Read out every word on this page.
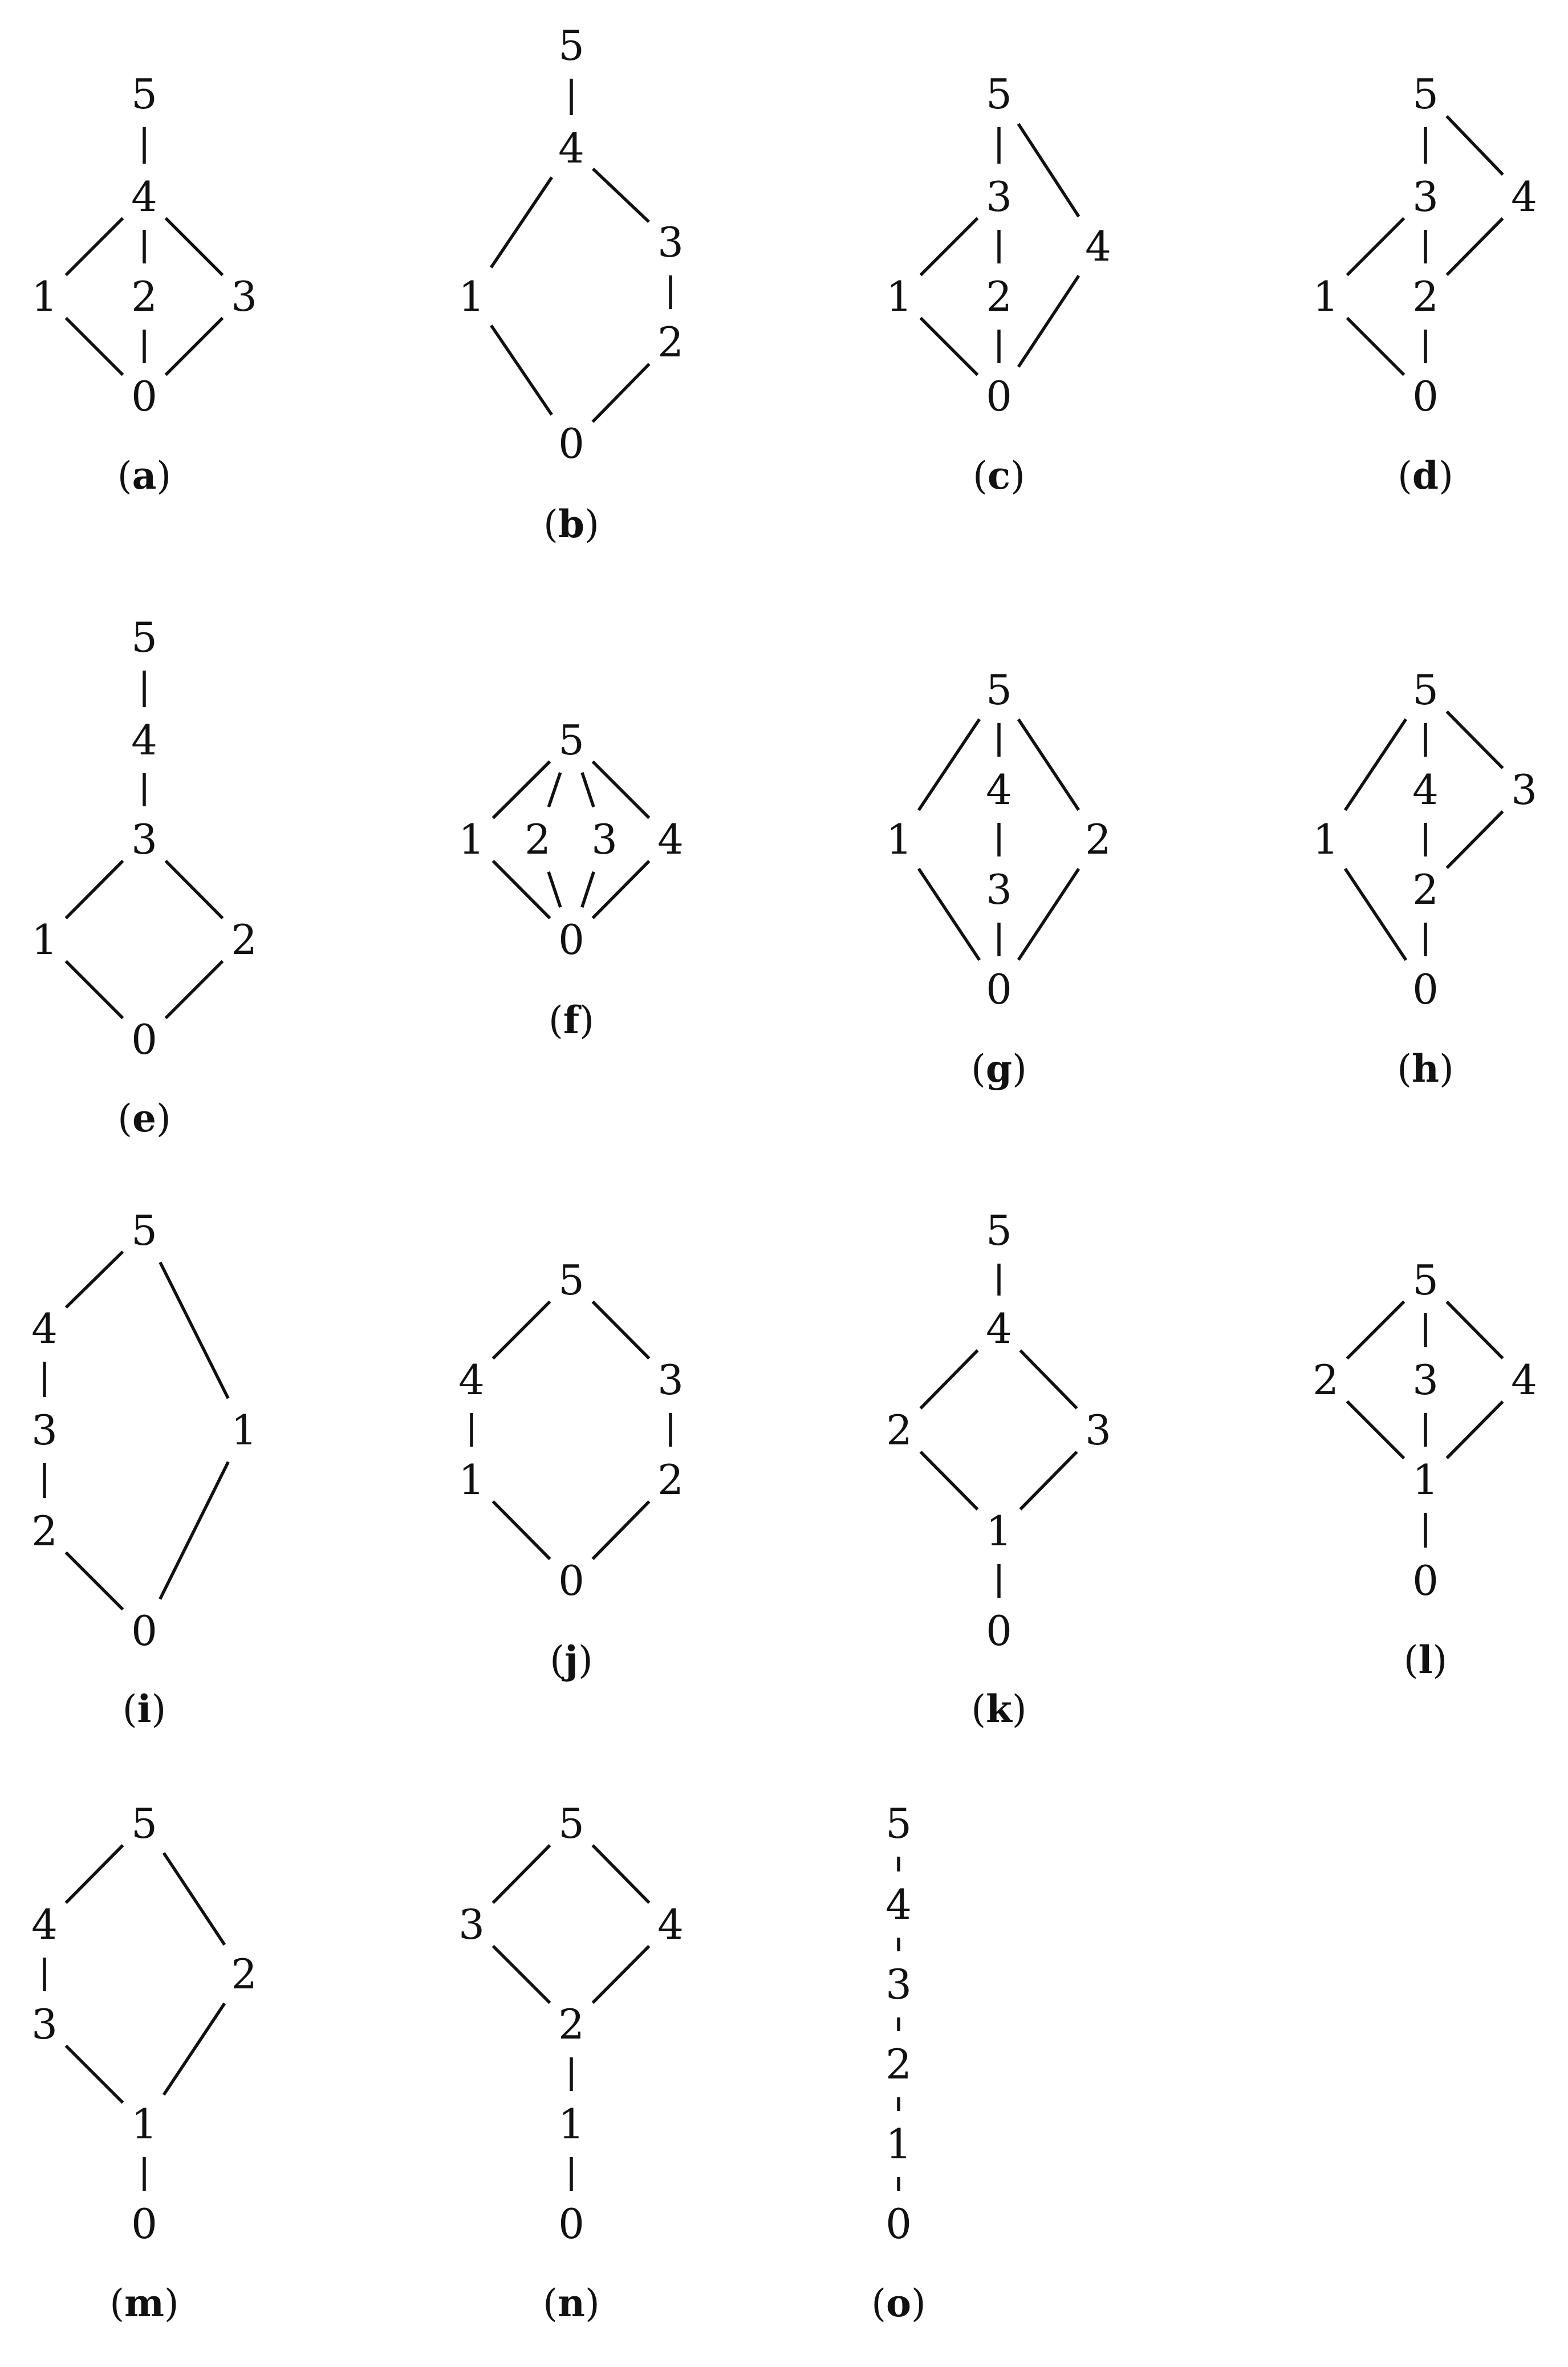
5
4
1 2 3
0
(a)
5
4
1
3
2
0
(b)
5
3
4
1 2
0
(c)
5
3 4
1 2
0
(d)
5
4
3
1	2
0
(e)
5
1 2 3 4
0
(f)
5
4
1	2
3
0
(g)
5
4 3
1
2
0
(h)
5
4
3	1
2
0
(i)
5
4	3
1	2
0
(j)
5
4
2	3
1
0
(k)
5
2 3 4
1
0
(l)
5
4
2
3
1
0
(m)
5
3	4
2
1
0
(n)
5
4
3
2
1
0
(o)
